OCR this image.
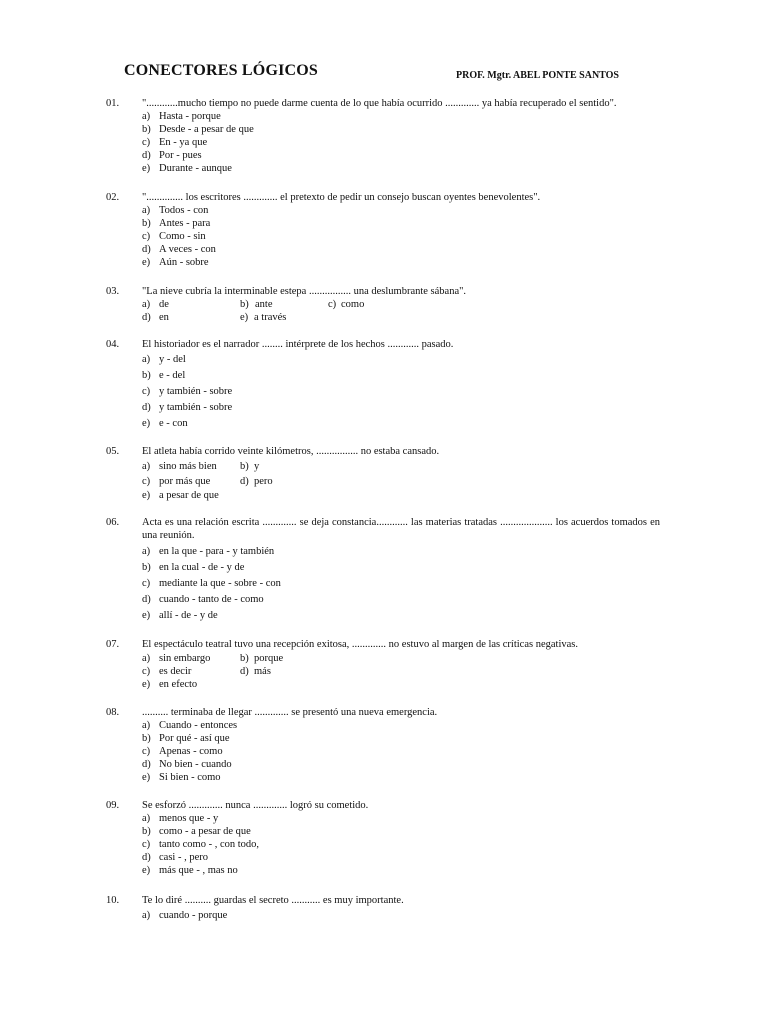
CONECTORES LÓGICOS	PROF. Mgtr. ABEL PONTE SANTOS
01. "............mucho tiempo no puede darme cuenta de lo que había ocurrido ............. ya había recuperado el sentido".
a) Hasta - porque
b) Desde - a pesar de que
c) En - ya que
d) Por - pues
e) Durante - aunque
02. ".............. los escritores ............. el pretexto de pedir un consejo buscan oyentes benevolentes".
a) Todos - con
b) Antes - para
c) Como - sin
d) A veces - con
e) Aún - sobre
03. "La nieve cubría la interminable estepa ................ una deslumbrante sábana".
a) de	b) ante	c) como
d) en	e) a través
04. El historiador es el narrador ........ intérprete de los hechos ............ pasado.
a) y - del
b) e - del
c) y también - sobre
d) y también - sobre
e) e - con
05. El atleta había corrido veinte kilómetros, ................ no estaba cansado.
a) sino más bien b) y
c) por más que	d) pero
e) a pesar de que
06. Acta es una relación escrita ............. se deja constancia............ las materias tratadas .................... los acuerdos tomados en una reunión.
a) en la que - para - y también
b) en la cual - de - y de
c) mediante la que - sobre - con
d) cuando - tanto de - como
e) allí - de - y de
07. El espectáculo teatral tuvo una recepción exitosa, ............. no estuvo al margen de las críticas negativas.
a) sin embargo	b) porque
c) es decir	d) más
e) en efecto
08. .......... terminaba de llegar ............. se presentó una nueva emergencia.
a) Cuando - entonces
b) Por qué - así que
c) Apenas - como
d) No bien - cuando
e) Si bien - como
09. Se esforzó ............. nunca ............. logró su cometido.
a) menos que - y
b) como - a pesar de que
c) tanto como - , con todo,
d) casi - , pero
e) más que - , mas no
10. Te lo diré .......... guardas el secreto ........... es muy importante.
a) cuando - porque
